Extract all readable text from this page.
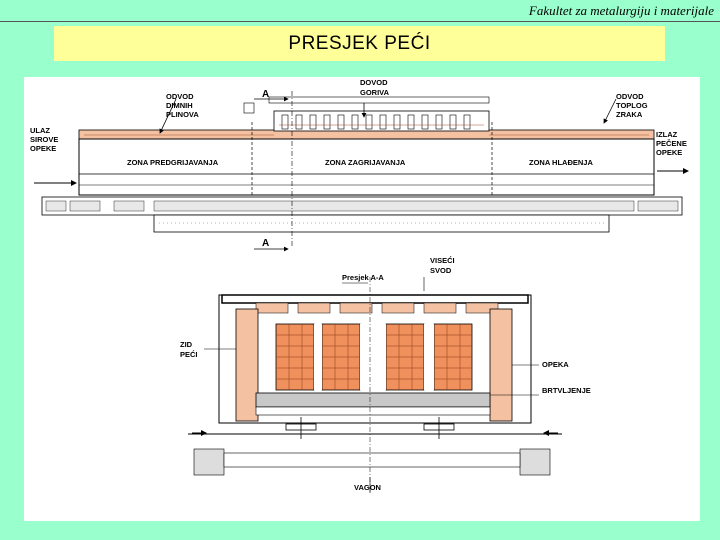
Fakultet za metalurgiju i materijale
PRESJEK PEĆI
A
A
ODVOD DIMNIH PLINOVA
DOVOD GORIVA	ODVOD TOPLOG ZRAKA
ULAZ SIROVE OPEKE
IZLAZ PEČENE OPEKE
ZONA PREDGRIJAVANJA	ZONA ZAGRIJAVANJA	ZONA HLAĐENJA
Presjek A-A
VISEĆI SVOD
ZID PEĆI
OPEKA
BRTVLJENJE
VAGON
